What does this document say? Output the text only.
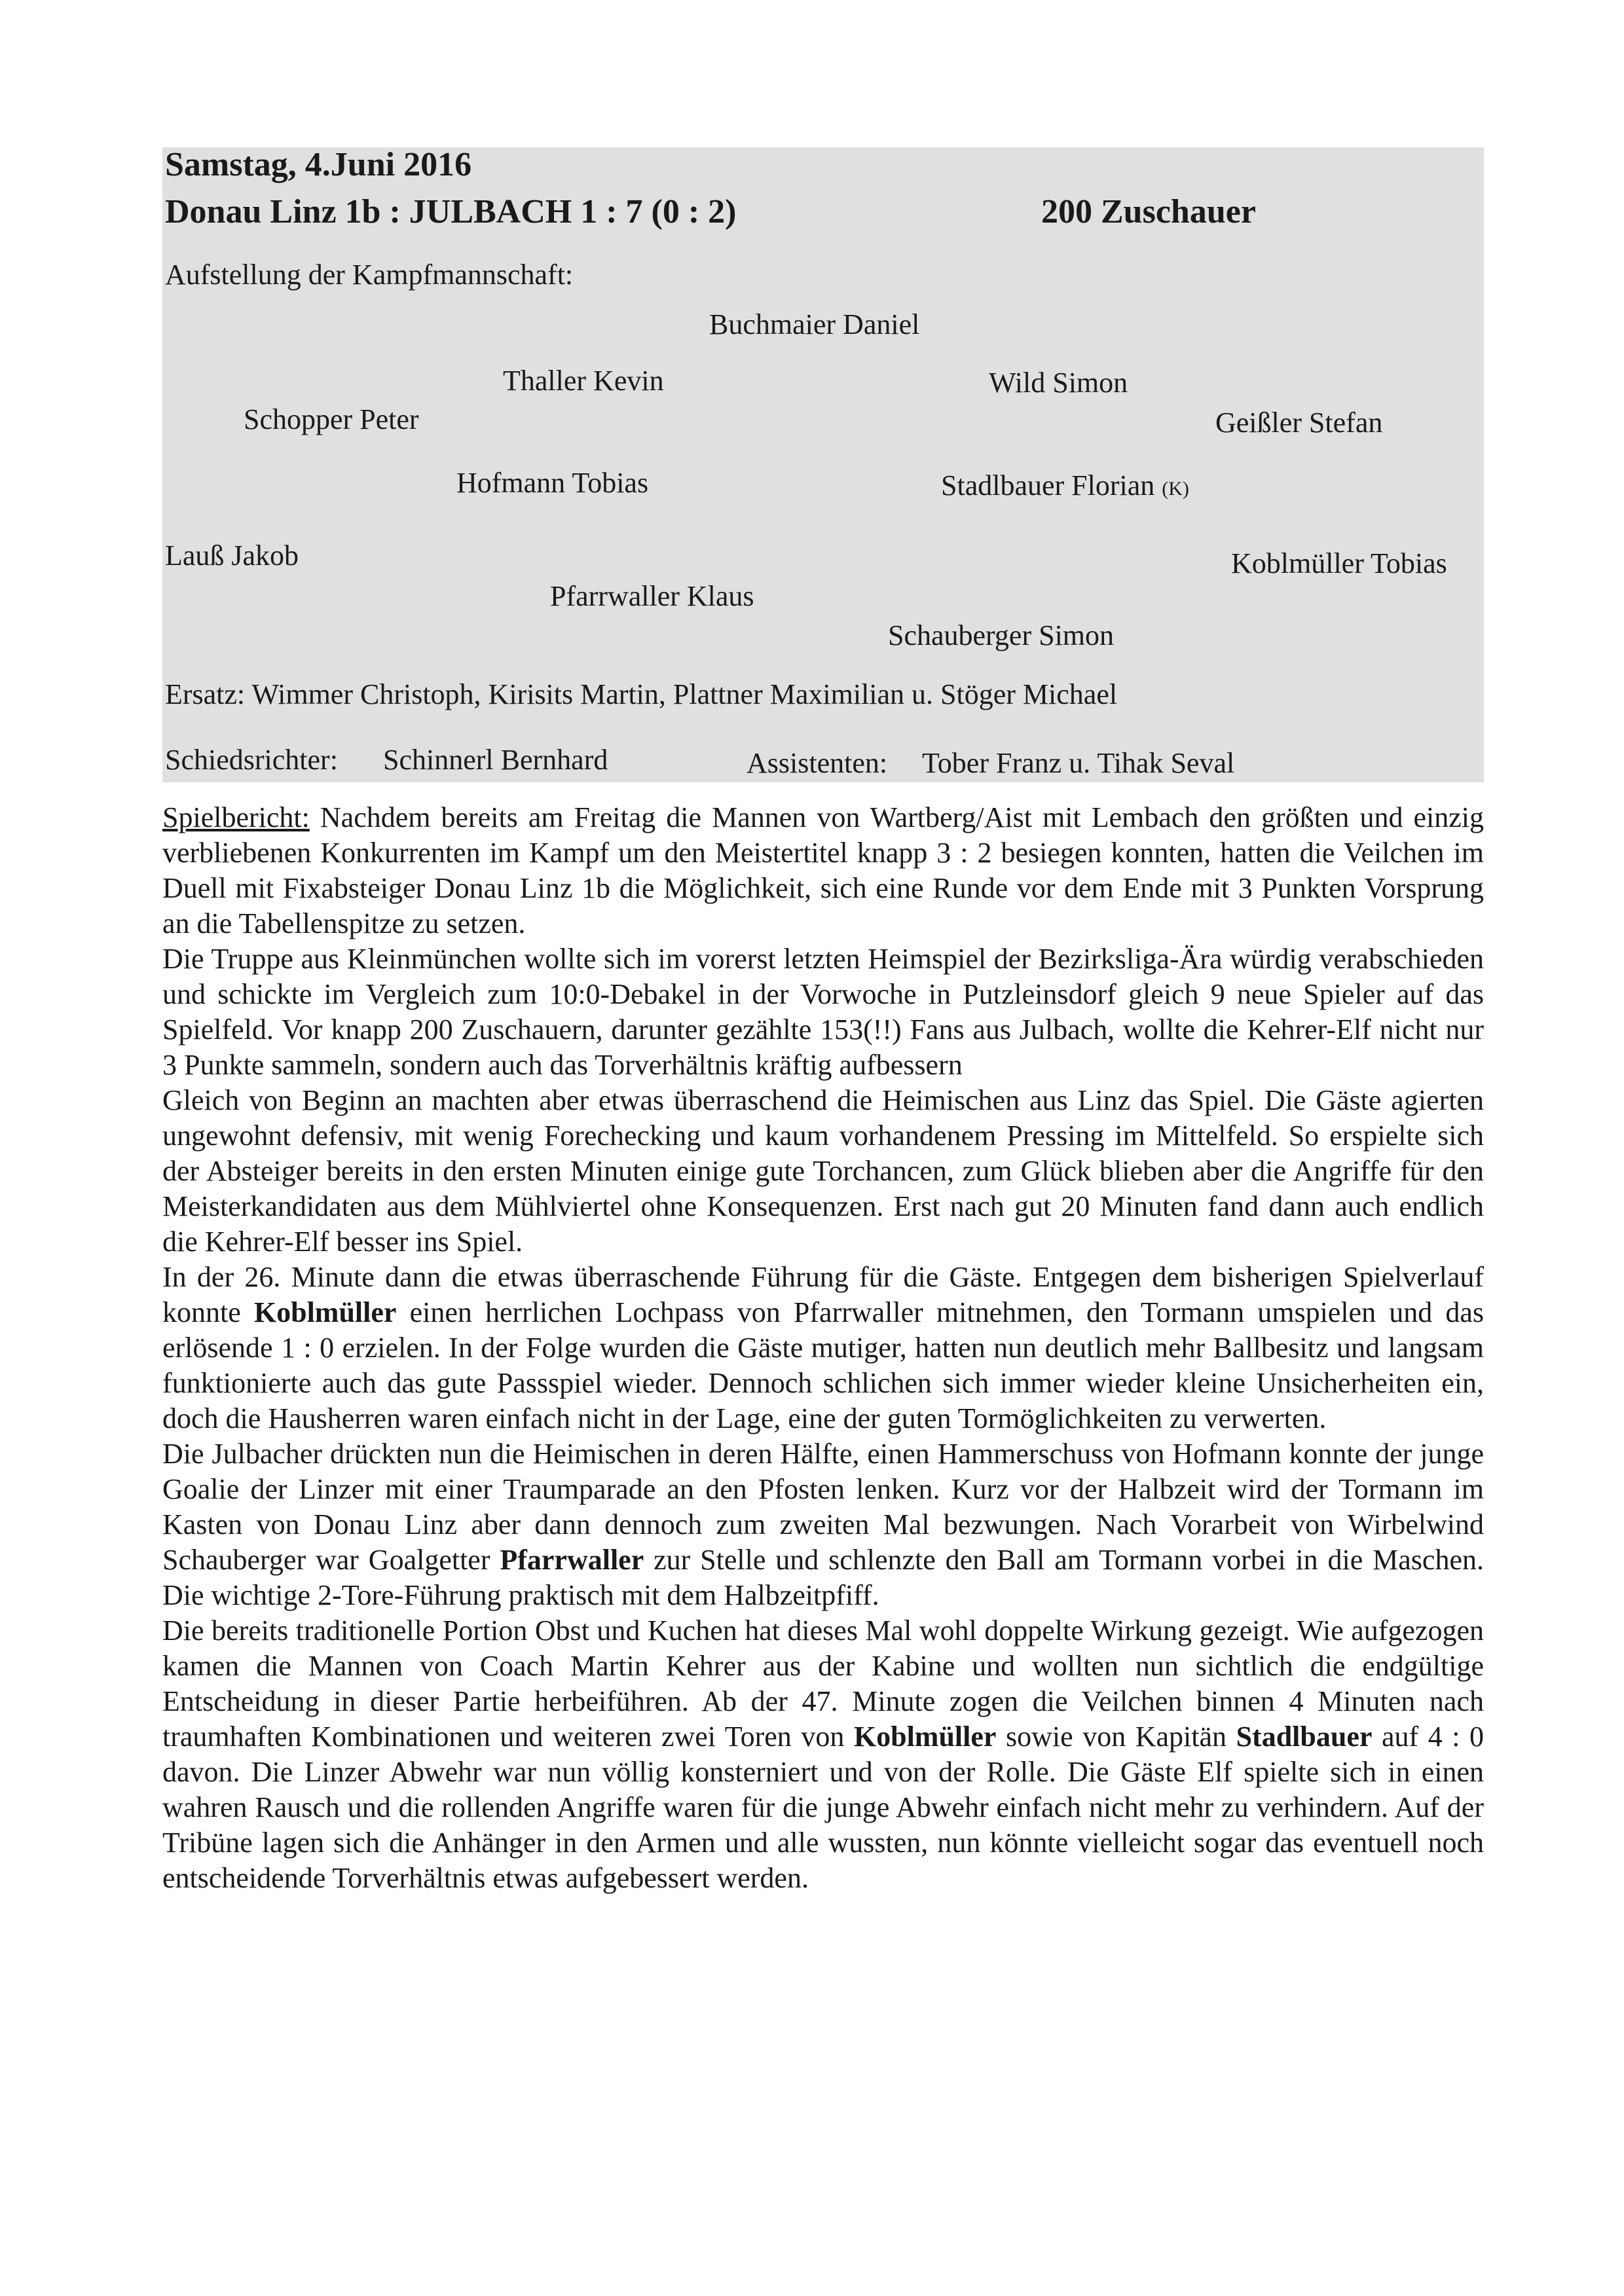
Samstag, 4.Juni 2016
Donau Linz 1b : JULBACH 1 : 7 (0 : 2)	200 Zuschauer
Aufstellung der Kampfmannschaft:
Buchmaier Daniel
Thaller Kevin	Wild Simon
Schopper Peter	Geißler Stefan
Hofmann Tobias	Stadlbauer Florian (K)
Lauß Jakob	Koblmüller Tobias
Pfarrwaller Klaus
Schauberger Simon
Ersatz: Wimmer Christoph, Kirisits Martin, Plattner Maximilian u. Stöger Michael
Schiedsrichter: Schinnerl Bernhard	Assistenten: Tober Franz u. Tihak Seval

Spielbericht: Nachdem bereits am Freitag die Mannen von Wartberg/Aist mit Lembach den größten und einzig verbliebenen Konkurrenten im Kampf um den Meistertitel knapp 3 : 2 besiegen konnten, hatten die Veilchen im Duell mit Fixabsteiger Donau Linz 1b die Möglichkeit, sich eine Runde vor dem Ende mit 3 Punkten Vorsprung an die Tabellenspitze zu setzen.

Die Truppe aus Kleinmünchen wollte sich im vorerst letzten Heimspiel der Bezirksliga-Ära würdig verabschieden und schickte im Vergleich zum 10:0-Debakel in der Vorwoche in Putzleinsdorf gleich 9 neue Spieler auf das Spielfeld. Vor knapp 200 Zuschauern, darunter gezählte 153(!!) Fans aus Julbach, wollte die Kehrer-Elf nicht nur 3 Punkte sammeln, sondern auch das Torverhältnis kräftig aufbessern

Gleich von Beginn an machten aber etwas überraschend die Heimischen aus Linz das Spiel. Die Gäste agierten ungewohnt defensiv, mit wenig Forechecking und kaum vorhandenem Pressing im Mittelfeld. So erspielte sich der Absteiger bereits in den ersten Minuten einige gute Torchancen, zum Glück blieben aber die Angriffe für den Meisterkandidaten aus dem Mühlviertel ohne Konsequenzen. Erst nach gut 20 Minuten fand dann auch endlich die Kehrer-Elf besser ins Spiel.

In der 26. Minute dann die etwas überraschende Führung für die Gäste. Entgegen dem bisherigen Spielverlauf konnte Koblmüller einen herrlichen Lochpass von Pfarrwaller mitnehmen, den Tormann umspielen und das erlösende 1 : 0 erzielen. In der Folge wurden die Gäste mutiger, hatten nun deutlich mehr Ballbesitz und langsam funktionierte auch das gute Passspiel wieder. Dennoch schlichen sich immer wieder kleine Unsicherheiten ein, doch die Hausherren waren einfach nicht in der Lage, eine der guten Tormöglichkeiten zu verwerten.

Die Julbacher drückten nun die Heimischen in deren Hälfte, einen Hammerschuss von Hofmann konnte der junge Goalie der Linzer mit einer Traumparade an den Pfosten lenken. Kurz vor der Halbzeit wird der Tormann im Kasten von Donau Linz aber dann dennoch zum zweiten Mal bezwungen. Nach Vorarbeit von Wirbelwind Schauberger war Goalgetter Pfarrwaller zur Stelle und schlenzte den Ball am Tormann vorbei in die Maschen. Die wichtige 2-Tore-Führung praktisch mit dem Halbzeitpfiff.

Die bereits traditionelle Portion Obst und Kuchen hat dieses Mal wohl doppelte Wirkung gezeigt. Wie aufgezogen kamen die Mannen von Coach Martin Kehrer aus der Kabine und wollten nun sichtlich die endgültige Entscheidung in dieser Partie herbeiführen. Ab der 47. Minute zogen die Veilchen binnen 4 Minuten nach traumhaften Kombinationen und weiteren zwei Toren von Koblmüller sowie von Kapitän Stadlbauer auf 4 : 0 davon. Die Linzer Abwehr war nun völlig konsterniert und von der Rolle. Die Gäste Elf spielte sich in einen wahren Rausch und die rollenden Angriffe waren für die junge Abwehr einfach nicht mehr zu verhindern. Auf der Tribüne lagen sich die Anhänger in den Armen und alle wussten, nun könnte vielleicht sogar das eventuell noch entscheidende Torverhältnis etwas aufgebessert werden.
